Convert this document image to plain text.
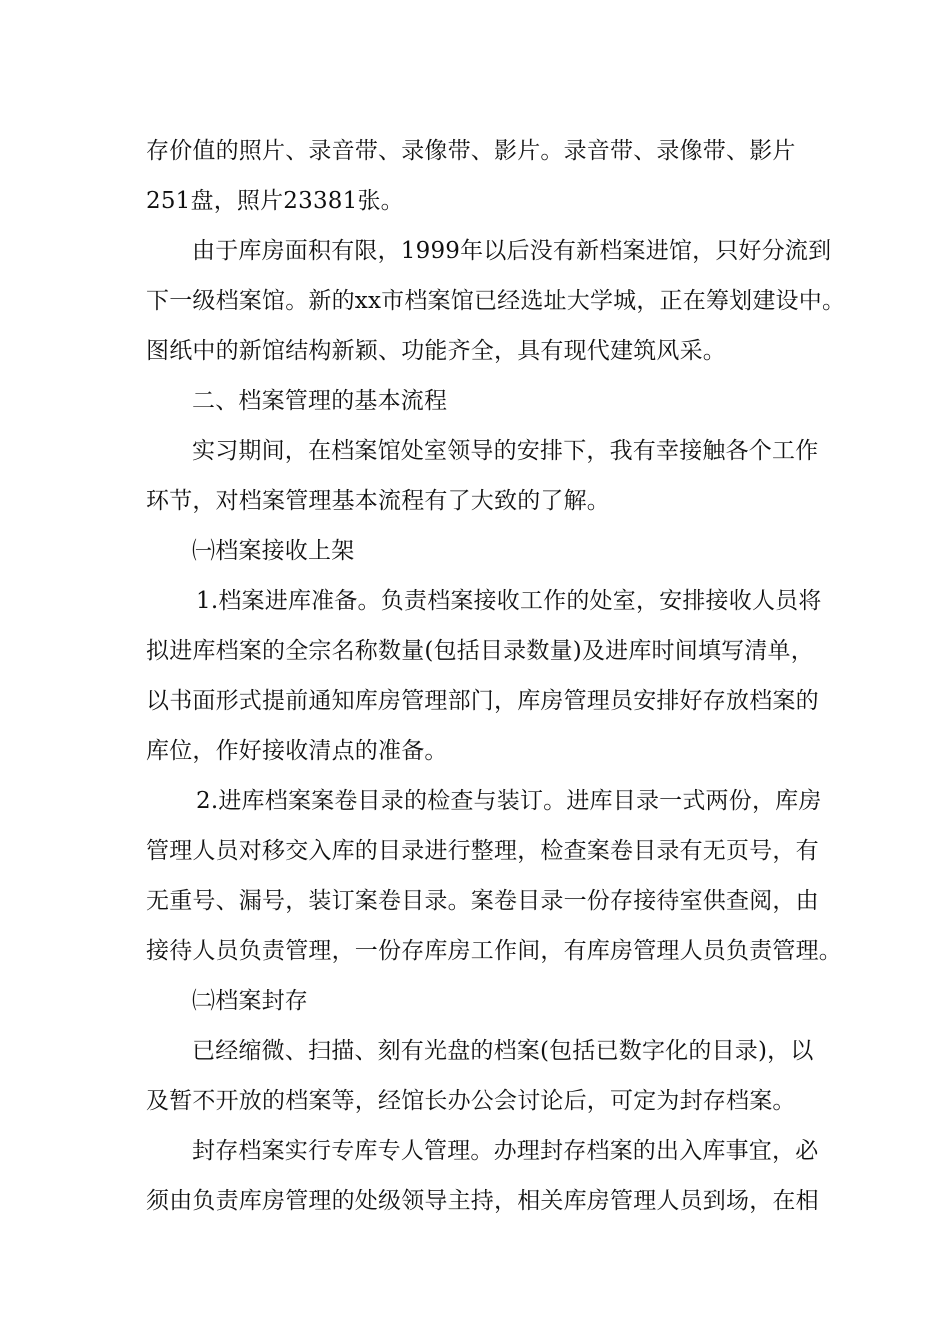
存价值的照片、录音带、录像带、影片。录音带、录像带、影片
251盘，照片23381张。
由于库房面积有限，1999年以后没有新档案进馆，只好分流到
下一级档案馆。新的xx市档案馆已经选址大学城，正在筹划建设中。
图纸中的新馆结构新颖、功能齐全，具有现代建筑风采。
二、档案管理的基本流程
实习期间，在档案馆处室领导的安排下，我有幸接触各个工作
环节，对档案管理基本流程有了大致的了解。
㈠档案接收上架
1.档案进库准备。负责档案接收工作的处室，安排接收人员将
拟进库档案的全宗名称数量(包括目录数量)及进库时间填写清单，
以书面形式提前通知库房管理部门，库房管理员安排好存放档案的
库位，作好接收清点的准备。
2.进库档案案卷目录的检查与装订。进库目录一式两份，库房
管理人员对移交入库的目录进行整理，检查案卷目录有无页号，有
无重号、漏号，装订案卷目录。案卷目录一份存接待室供查阅，由
接待人员负责管理，一份存库房工作间，有库房管理人员负责管理。
㈡档案封存
已经缩微、扫描、刻有光盘的档案(包括已数字化的目录)，以
及暂不开放的档案等，经馆长办公会讨论后，可定为封存档案。
封存档案实行专库专人管理。办理封存档案的出入库事宜，必
须由负责库房管理的处级领导主持，相关库房管理人员到场，在相
